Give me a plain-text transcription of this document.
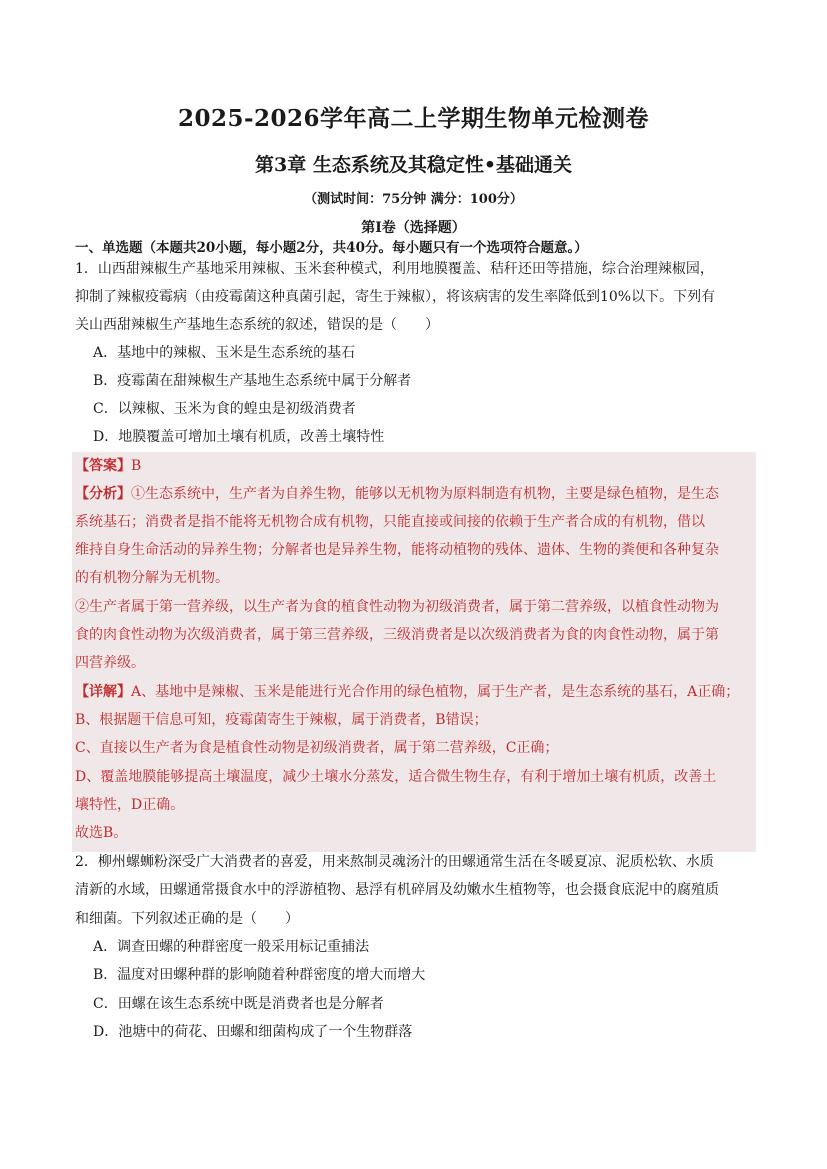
2025-2026学年高二上学期生物单元检测卷
第3章 生态系统及其稳定性•基础通关

（测试时间：75分钟 满分：100分）

第Ⅰ卷（选择题）

一、单选题（本题共20小题，每小题2分，共40分。每小题只有一个选项符合题意。）

1．山西甜辣椒生产基地采用辣椒、玉米套种模式，利用地膜覆盖、秸秆还田等措施，综合治理辣椒园，

抑制了辣椒疫霉病（由疫霉菌这种真菌引起，寄生于辣椒），将该病害的发生率降低到10%以下。下列有

关山西甜辣椒生产基地生态系统的叙述，错误的是（　　）

A．基地中的辣椒、玉米是生态系统的基石

B．疫霉菌在甜辣椒生产基地生态系统中属于分解者

C．以辣椒、玉米为食的蝗虫是初级消费者

D．地膜覆盖可增加土壤有机质，改善土壤特性

【答案】B

【分析】①生态系统中，生产者为自养生物，能够以无机物为原料制造有机物，主要是绿色植物，是生态

系统基石；消费者是指不能将无机物合成有机物，只能直接或间接的依赖于生产者合成的有机物，借以

维持自身生命活动的异养生物；分解者也是异养生物，能将动植物的残体、遗体、生物的粪便和各种复杂

的有机物分解为无机物。

②生产者属于第一营养级，以生产者为食的植食性动物为初级消费者，属于第二营养级，以植食性动物为

食的肉食性动物为次级消费者，属于第三营养级，三级消费者是以次级消费者为食的肉食性动物，属于第

四营养级。

【详解】A、基地中是辣椒、玉米是能进行光合作用的绿色植物，属于生产者，是生态系统的基石，A正确；

B、根据题干信息可知，疫霉菌寄生于辣椒，属于消费者，B错误；

C、直接以生产者为食是植食性动物是初级消费者，属于第二营养级，C正确；

D、覆盖地膜能够提高土壤温度，减少土壤水分蒸发，适合微生物生存，有利于增加土壤有机质，改善土

壤特性，D正确。

故选B。

2．柳州螺蛳粉深受广大消费者的喜爱，用来熬制灵魂汤汁的田螺通常生活在冬暖夏凉、泥质松软、水质

清新的水域，田螺通常摄食水中的浮游植物、悬浮有机碎屑及幼嫩水生植物等，也会摄食底泥中的腐殖质

和细菌。下列叙述正确的是（　　）

A．调查田螺的种群密度一般采用标记重捕法

B．温度对田螺种群的影响随着种群密度的增大而增大

C．田螺在该生态系统中既是消费者也是分解者

D．池塘中的荷花、田螺和细菌构成了一个生物群落
